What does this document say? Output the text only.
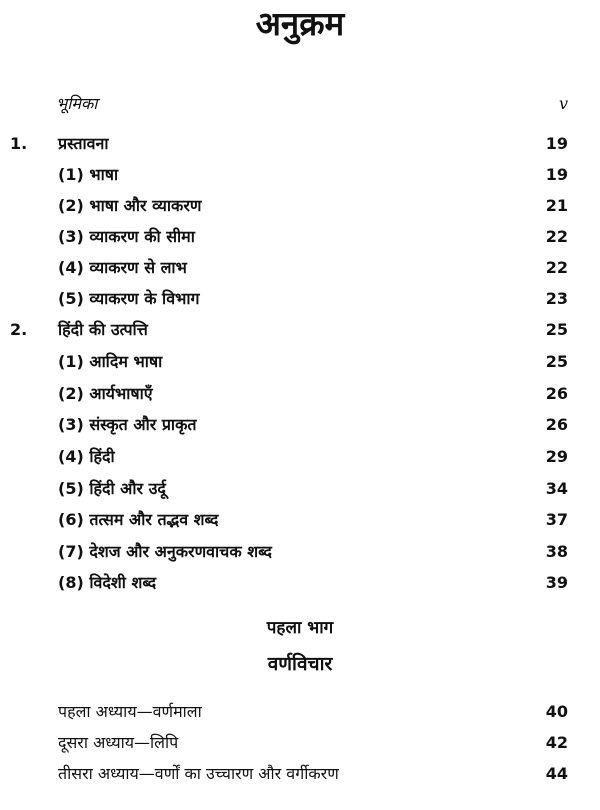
अनुक्रम
भूमिका	v
1. प्रस्तावना	19
(1) भाषा	19
(2) भाषा और व्याकरण	21
(3) व्याकरण की सीमा	22
(4) व्याकरण से लाभ	22
(5) व्याकरण के विभाग	23
2. हिंदी की उत्पत्ति	25
(1) आदिम भाषा	25
(2) आर्यभाषाएँ	26
(3) संस्कृत और प्राकृत	26
(4) हिंदी	29
(5) हिंदी और उर्दू	34
(6) तत्सम और तद्भव शब्द	37
(7) देशज और अनुकरणवाचक शब्द	38
(8) विदेशी शब्द	39
पहला भाग
वर्णविचार
पहला अध्याय—वर्णमाला	40
दूसरा अध्याय—लिपि	42
तीसरा अध्याय—वर्णों का उच्चारण और वर्गीकरण	44
